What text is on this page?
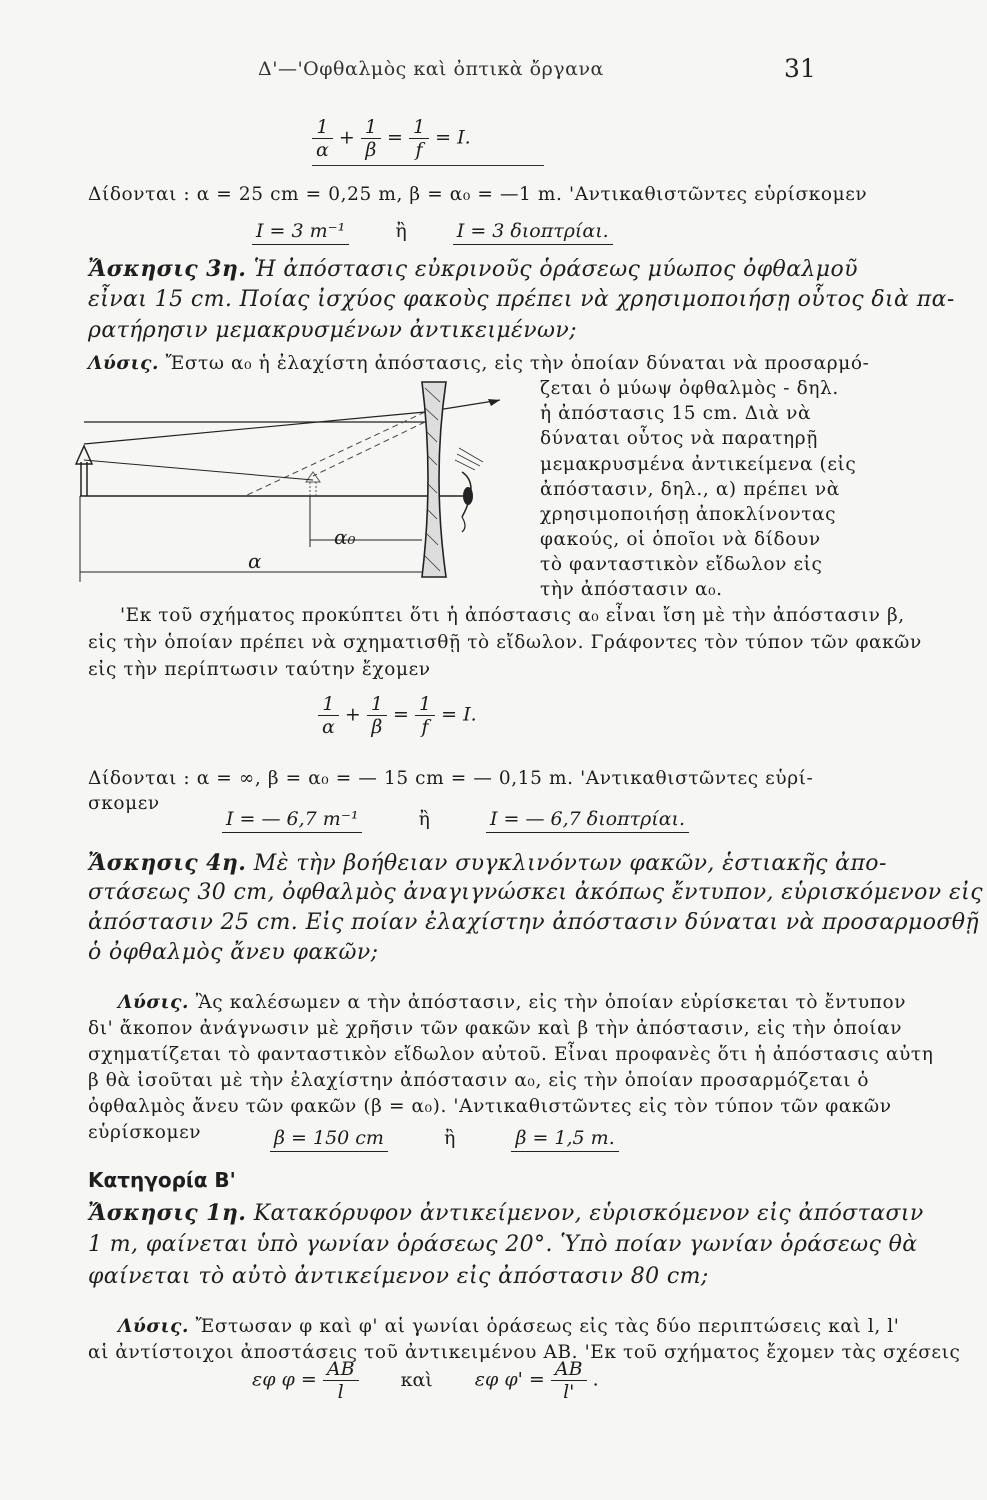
Δ'—'Οφθαλμὸς καὶ ὀπτικὰ ὄργανα	31
$\frac{1}{\alpha} + \frac{1}{\beta} = \frac{1}{f} = I$.
Δίδονται : α = 25 cm = 0,25 m, β = α₀ = —1 m. 'Αντικαθιστῶντες εὑρίσκομεν
I = 3 m⁻¹	ἢ	I = 3 διοπτρίαι.
Ἄσκησις 3η. Ἡ ἀπόστασις εὐκρινοῦς ὁράσεως μύωπος ὀφθαλμοῦ
εἶναι 15 cm. Ποίας ἰσχύος φακοὺς πρέπει νὰ χρησιμοποιήσῃ οὗτος διὰ πα-
ρατήρησιν μεμακρυσμένων ἀντικειμένων;
Λύσις. Ἔστω α₀ ἡ ἐλαχίστη ἀπόστασις, εἰς τὴν ὁποίαν δύναται νὰ προσαρμό-
ζεται ὁ μύωψ ὀφθαλμὸς - δηλ.
ἡ ἀπόστασις 15 cm. Διὰ νὰ
δύναται οὗτος νὰ παρατηρῇ
μεμακρυσμένα ἀντικείμενα (εἰς
ἀπόστασιν, δηλ., α) πρέπει νὰ
χρησιμοποιήσῃ ἀποκλίνοντας
φακούς, οἱ ὁποῖοι νὰ δίδουν
τὸ φανταστικὸν εἴδωλον εἰς
τὴν ἀπόστασιν α₀.
α₀
α
'Εκ τοῦ σχήματος προκύπτει ὅτι ἡ ἀπόστασις α₀ εἶναι ἴση μὲ τὴν ἀπόστασιν β,
εἰς τὴν ὁποίαν πρέπει νὰ σχηματισθῇ τὸ εἴδωλον. Γράφοντες τὸν τύπον τῶν φακῶν
εἰς τὴν περίπτωσιν ταύτην ἔχομεν
$\frac{1}{\alpha} + \frac{1}{\beta} = \frac{1}{f} = I$.
Δίδονται : α = ∞, β = α₀ = — 15 cm = — 0,15 m. 'Αντικαθιστῶντες εὑρί-
σκομεν
I = — 6,7 m⁻¹	ἢ	I = — 6,7 διοπτρίαι.
Ἄσκησις 4η. Μὲ τὴν βοήθειαν συγκλινόντων φακῶν, ἑστιακῆς ἀπο-
στάσεως 30 cm, ὀφθαλμὸς ἀναγιγνώσκει ἀκόπως ἔντυπον, εὑρισκόμενον εἰς
ἀπόστασιν 25 cm. Εἰς ποίαν ἐλαχίστην ἀπόστασιν δύναται νὰ προσαρμοσθῇ
ὁ ὀφθαλμὸς ἄνευ φακῶν;
Λύσις. Ἂς καλέσωμεν α τὴν ἀπόστασιν, εἰς τὴν ὁποίαν εὑρίσκεται τὸ ἔντυπον
δι' ἄκοπον ἀνάγνωσιν μὲ χρῆσιν τῶν φακῶν καὶ β τὴν ἀπόστασιν, εἰς τὴν ὁποίαν
σχηματίζεται τὸ φανταστικὸν εἴδωλον αὐτοῦ. Εἶναι προφανὲς ὅτι ἡ ἀπόστασις αὐτη
β θὰ ἰσοῦται μὲ τὴν ἐλαχίστην ἀπόστασιν α₀, εἰς τὴν ὁποίαν προσαρμόζεται ὁ
ὀφθαλμὸς ἄνευ τῶν φακῶν (β = α₀). 'Αντικαθιστῶντες εἰς τὸν τύπον τῶν φακῶν
εὑρίσκομεν	β = 150 cm	ἢ	β = 1,5 m.
Κατηγορία Β'
Ἄσκησις 1η. Κατακόρυφον ἀντικείμενον, εὑρισκόμενον εἰς ἀπόστασιν
1 m, φαίνεται ὑπὸ γωνίαν ὁράσεως 20°. Ὑπὸ ποίαν γωνίαν ὁράσεως θὰ
φαίνεται τὸ αὐτὸ ἀντικείμενον εἰς ἀπόστασιν 80 cm;
Λύσις. Ἔστωσαν φ καὶ φ' αἱ γωνίαι ὁράσεως εἰς τὰς δύο περιπτώσεις καὶ l, l'
αἱ ἀντίστοιχοι ἀποστάσεις τοῦ ἀντικειμένου AB. 'Εκ τοῦ σχήματος ἔχομεν τὰς σχέσεις
εφ $\varphi = \frac{AB}{l}$ καὶ εφ $\varphi' = \frac{AB}{l'}$ .
